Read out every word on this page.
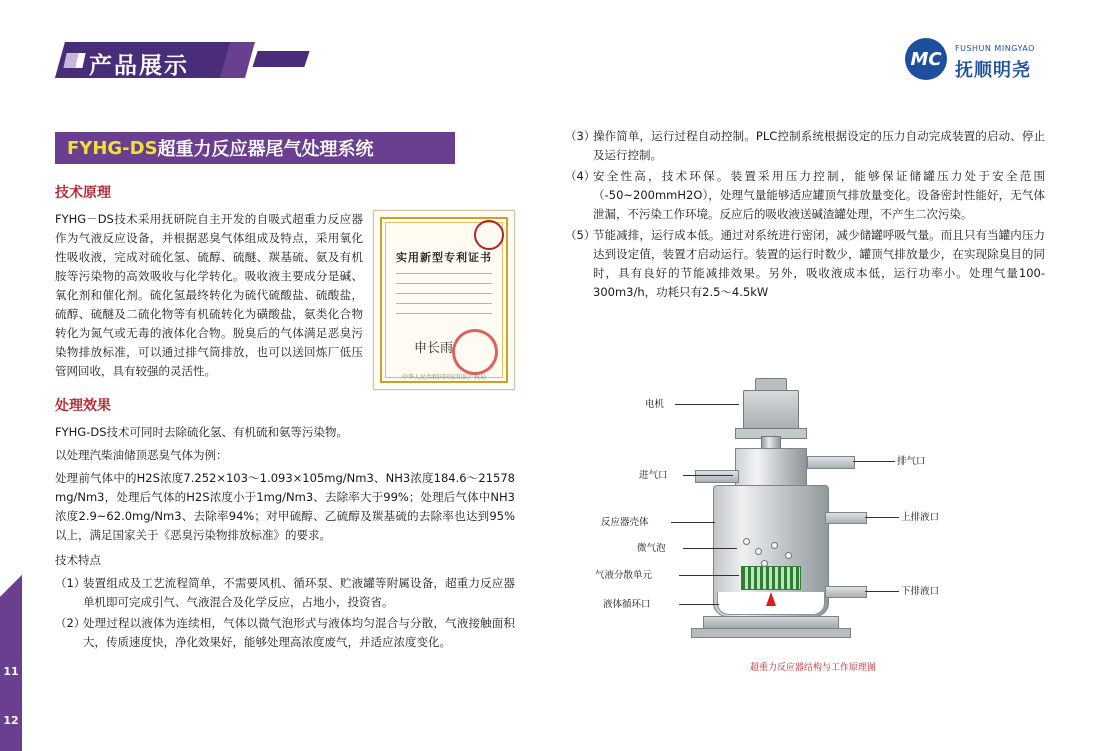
11
12
产品展示	MC	FUSHUN MINGYAO
抚顺明尧
FYHG-DS 超重力反应器尾气处理系统
技术原理
实用新型专利证书
申长雨
中华人民共和国国家知识产权局

FYHG－DS技术采用抚研院自主开发的自吸式超重力反应器作为气液反应设备，并根据恶臭气体组成及特点，采用氧化性吸收液，完成对硫化氢、硫醇、硫醚、羰基硫、氨及有机胺等污染物的高效吸收与化学转化。吸收液主要成分是碱、氧化剂和催化剂。硫化氢最终转化为硫代硫酸盐、硫酸盐，硫醇、硫醚及二硫化物等有机硫转化为磺酸盐，氨类化合物转化为氮气或无毒的液体化合物。脱臭后的气体满足恶臭污染物排放标准，可以通过排气筒排放，也可以送回炼厂低压管网回收，具有较强的灵活性。

处理效果

FYHG-DS技术可同时去除硫化氢、有机硫和氨等污染物。

以处理汽柴油储顶恶臭气体为例：

处理前气体中的H2S浓度7.252×103～1.093×105mg/Nm3、NH3浓度184.6～21578 mg/Nm3，处理后气体的H2S浓度小于1mg/Nm3、去除率大于99%；处理后气体中NH3浓度2.9~62.0mg/Nm3、去除率94%；对甲硫醇、乙硫醇及羰基硫的去除率也达到95%以上，满足国家关于《恶臭污染物排放标准》的要求。

技术特点

（1）
装置组成及工艺流程简单，不需要风机、循环泵、贮液罐等附属设备，超重力反应器单机即可完成引气、气液混合及化学反应，占地小，投资省。
（2）
处理过程以液体为连续相，气体以微气泡形式与液体均匀混合与分散，气液接触面积大，传质速度快，净化效果好，能够处理高浓度废气，并适应浓度变化。
（3）
操作简单，运行过程自动控制。PLC控制系统根据设定的压力自动完成装置的启动、停止及运行控制。
（4）
安全性高，技术环保。装置采用压力控制，能够保证储罐压力处于安全范围（-50~200mmH2O），处理气量能够适应罐顶气排放量变化。设备密封性能好，无气体泄漏，不污染工作环境。反应后的吸收液送碱渣罐处理，不产生二次污染。
（5）
节能减排，运行成本低。通过对系统进行密闭，减少储罐呼吸气量。而且只有当罐内压力达到设定值，装置才启动运行。装置的运行时数少，罐顶气排放量少，在实现除臭目的同时，具有良好的节能减排效果。另外，吸收液成本低，运行功率小。处理气量100-300m3/h，功耗只有2.5～4.5kW
电机
进气口
排气口
反应器壳体	上排液口
微气泡
气液分散单元
下排液口
液体循环口
超重力反应器结构与工作原理图
